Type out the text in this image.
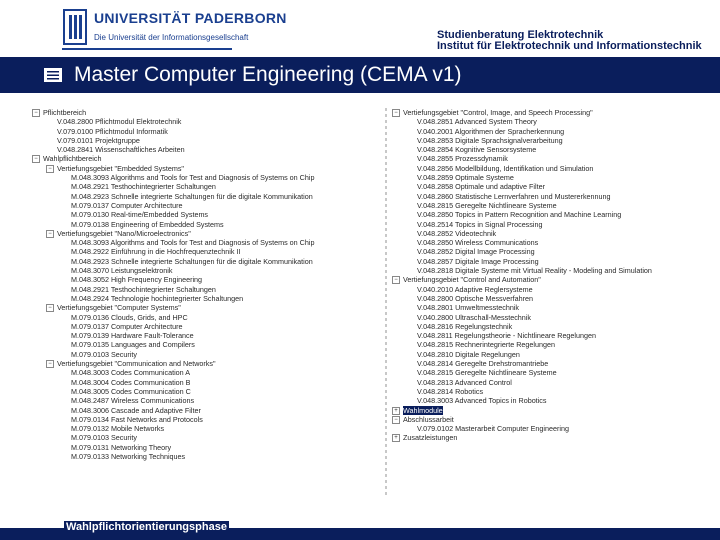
UNIVERSITÄT PADERBORN
Die Universität der Informationsgesellschaft	Studienberatung Elektrotechnik
Institut für Elektrotechnik und Informationstechnik
Master Computer Engineering (CEMA v1)
− Pflichtbereich
V.048.2800 Pflichtmodul Elektrotechnik
V.079.0100 Pflichtmodul Informatik
V.079.0101 Projektgruppe
V.048.2841 Wissenschaftliches Arbeiten
− Wahlpflichtbereich
− Vertiefungsgebiet "Embedded Systems"
M.048.3093 Algorithms and Tools for Test and Diagnosis of Systems on Chip
M.048.2921 Testhochintegrierter Schaltungen
M.048.2923 Schnelle integrierte Schaltungen für die digitale Kommunikation
M.079.0137 Computer Architecture
M.079.0130 Real-time/Embedded Systems
M.079.0138 Engineering of Embedded Systems
− Vertiefungsgebiet "Nano/Microelectronics"
M.048.3093 Algorithms and Tools for Test and Diagnosis of Systems on Chip
M.048.2922 Einführung in die Hochfrequenztechnik II
M.048.2923 Schnelle integrierte Schaltungen für die digitale Kommunikation
M.048.3070 Leistungselektronik
M.048.3052 High Frequency Engineering
M.048.2921 Testhochintegrierter Schaltungen
M.048.2924 Technologie hochintegrierter Schaltungen
− Vertiefungsgebiet "Computer Systems"
M.079.0136 Clouds, Grids, and HPC
M.079.0137 Computer Architecture
M.079.0139 Hardware Fault-Tolerance
M.079.0135 Languages and Compilers
M.079.0103 Security
− Vertiefungsgebiet "Communication and Networks"
M.048.3003 Codes Communication A
M.048.3004 Codes Communication B
M.048.3005 Codes Communication C
M.048.2487 Wireless Communications
M.048.3006 Cascade and Adaptive Filter
M.079.0134 Fast Networks and Protocols
M.079.0132 Mobile Networks
M.079.0103 Security
M.079.0131 Networking Theory
M.079.0133 Networking Techniques
− Vertiefungsgebiet "Control, Image, and Speech Processing"
V.048.2851 Advanced System Theory
V.040.2001 Algorithmen der Spracherkennung
V.048.2853 Digitale Sprachsignalverarbeitung
V.048.2854 Kognitive Sensorsysteme
V.048.2855 Prozessdynamik
V.048.2856 Modellbildung, Identifikation und Simulation
V.048.2859 Optimale Systeme
V.048.2858 Optimale und adaptive Filter
V.048.2860 Statistische Lernverfahren und Mustererkennung
V.048.2815 Geregelte Nichtlineare Systeme
V.048.2850 Topics in Pattern Recognition and Machine Learning
V.048.2514 Topics in Signal Processing
V.048.2852 Videotechnik
V.048.2850 Wireless Communications
V.048.2852 Digital Image Processing
V.048.2857 Digitale Image Processing
V.048.2818 Digitale Systeme mit Virtual Reality - Modeling and Simulation
− Vertiefungsgebiet "Control and Automation"
V.040.2010 Adaptive Reglersysteme
V.048.2800 Optische Messverfahren
V.048.2801 Umweltmesstechnik
V.040.2800 Ultraschall-Messtechnik
V.048.2816 Regelungstechnik
V.048.2811 Regelungstheorie - Nichtlineare Regelungen
V.048.2815 Rechnerintegrierte Regelungen
V.048.2810 Digitale Regelungen
V.048.2814 Geregelte Drehstromantriebe
V.048.2815 Geregelte Nichtlineare Systeme
V.048.2813 Advanced Control
V.048.2814 Robotics
V.048.3003 Advanced Topics in Robotics
+ Wahlmodule
− Abschlussarbeit
V.079.0102 Masterarbeit Computer Engineering
+ Zusatzleistungen
Wahlpflichtorientierungsphase
